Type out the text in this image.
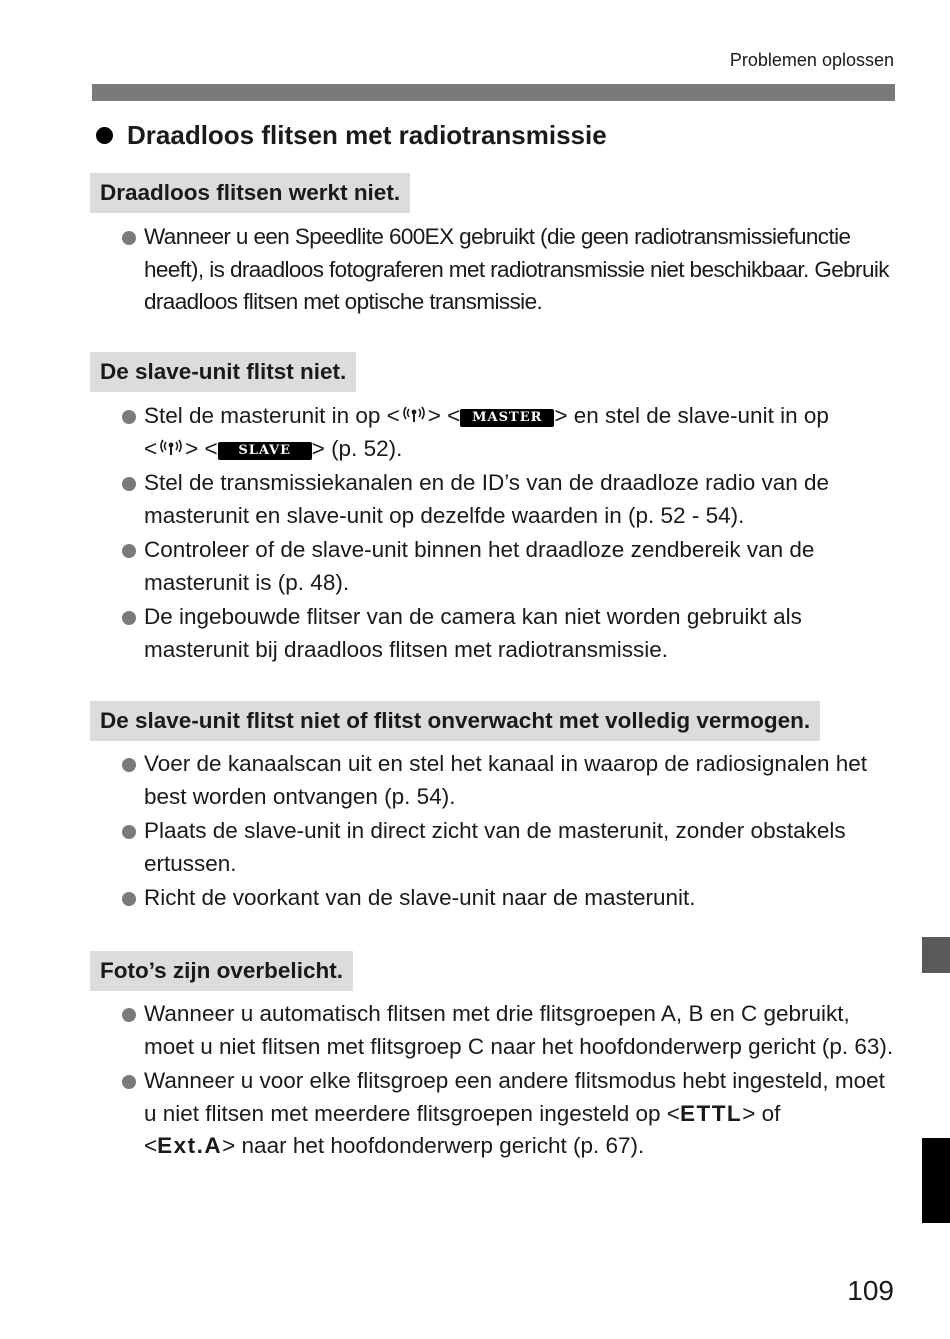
Problemen oplossen
Draadloos flitsen met radiotransmissie
Draadloos flitsen werkt niet.
Wanneer u een Speedlite 600EX gebruikt (die geen radiotransmissiefunctie heeft), is draadloos fotograferen met radiotransmissie niet beschikbaar. Gebruik draadloos flitsen met optische transmissie.
De slave-unit flitst niet.
Stel de masterunit in op < > < MASTER > en stel de slave-unit in op
< > < SLAVE > (p. 52).
Stel de transmissiekanalen en de ID’s van de draadloze radio van de masterunit en slave-unit op dezelfde waarden in (p. 52 - 54).
Controleer of de slave-unit binnen het draadloze zendbereik van de masterunit is (p. 48).
De ingebouwde flitser van de camera kan niet worden gebruikt als masterunit bij draadloos flitsen met radiotransmissie.
De slave-unit flitst niet of flitst onverwacht met volledig vermogen.
Voer de kanaalscan uit en stel het kanaal in waarop de radiosignalen het best worden ontvangen (p. 54).
Plaats de slave-unit in direct zicht van de masterunit, zonder obstakels ertussen.
Richt de voorkant van de slave-unit naar de masterunit.
Foto’s zijn overbelicht.
Wanneer u automatisch flitsen met drie flitsgroepen A, B en C gebruikt, moet u niet flitsen met flitsgroep C naar het hoofdonderwerp gericht (p. 63).
Wanneer u voor elke flitsgroep een andere flitsmodus hebt ingesteld, moet u niet flitsen met meerdere flitsgroepen ingesteld op <ETTL> of
<Ext.A> naar het hoofdonderwerp gericht (p. 67).
109
